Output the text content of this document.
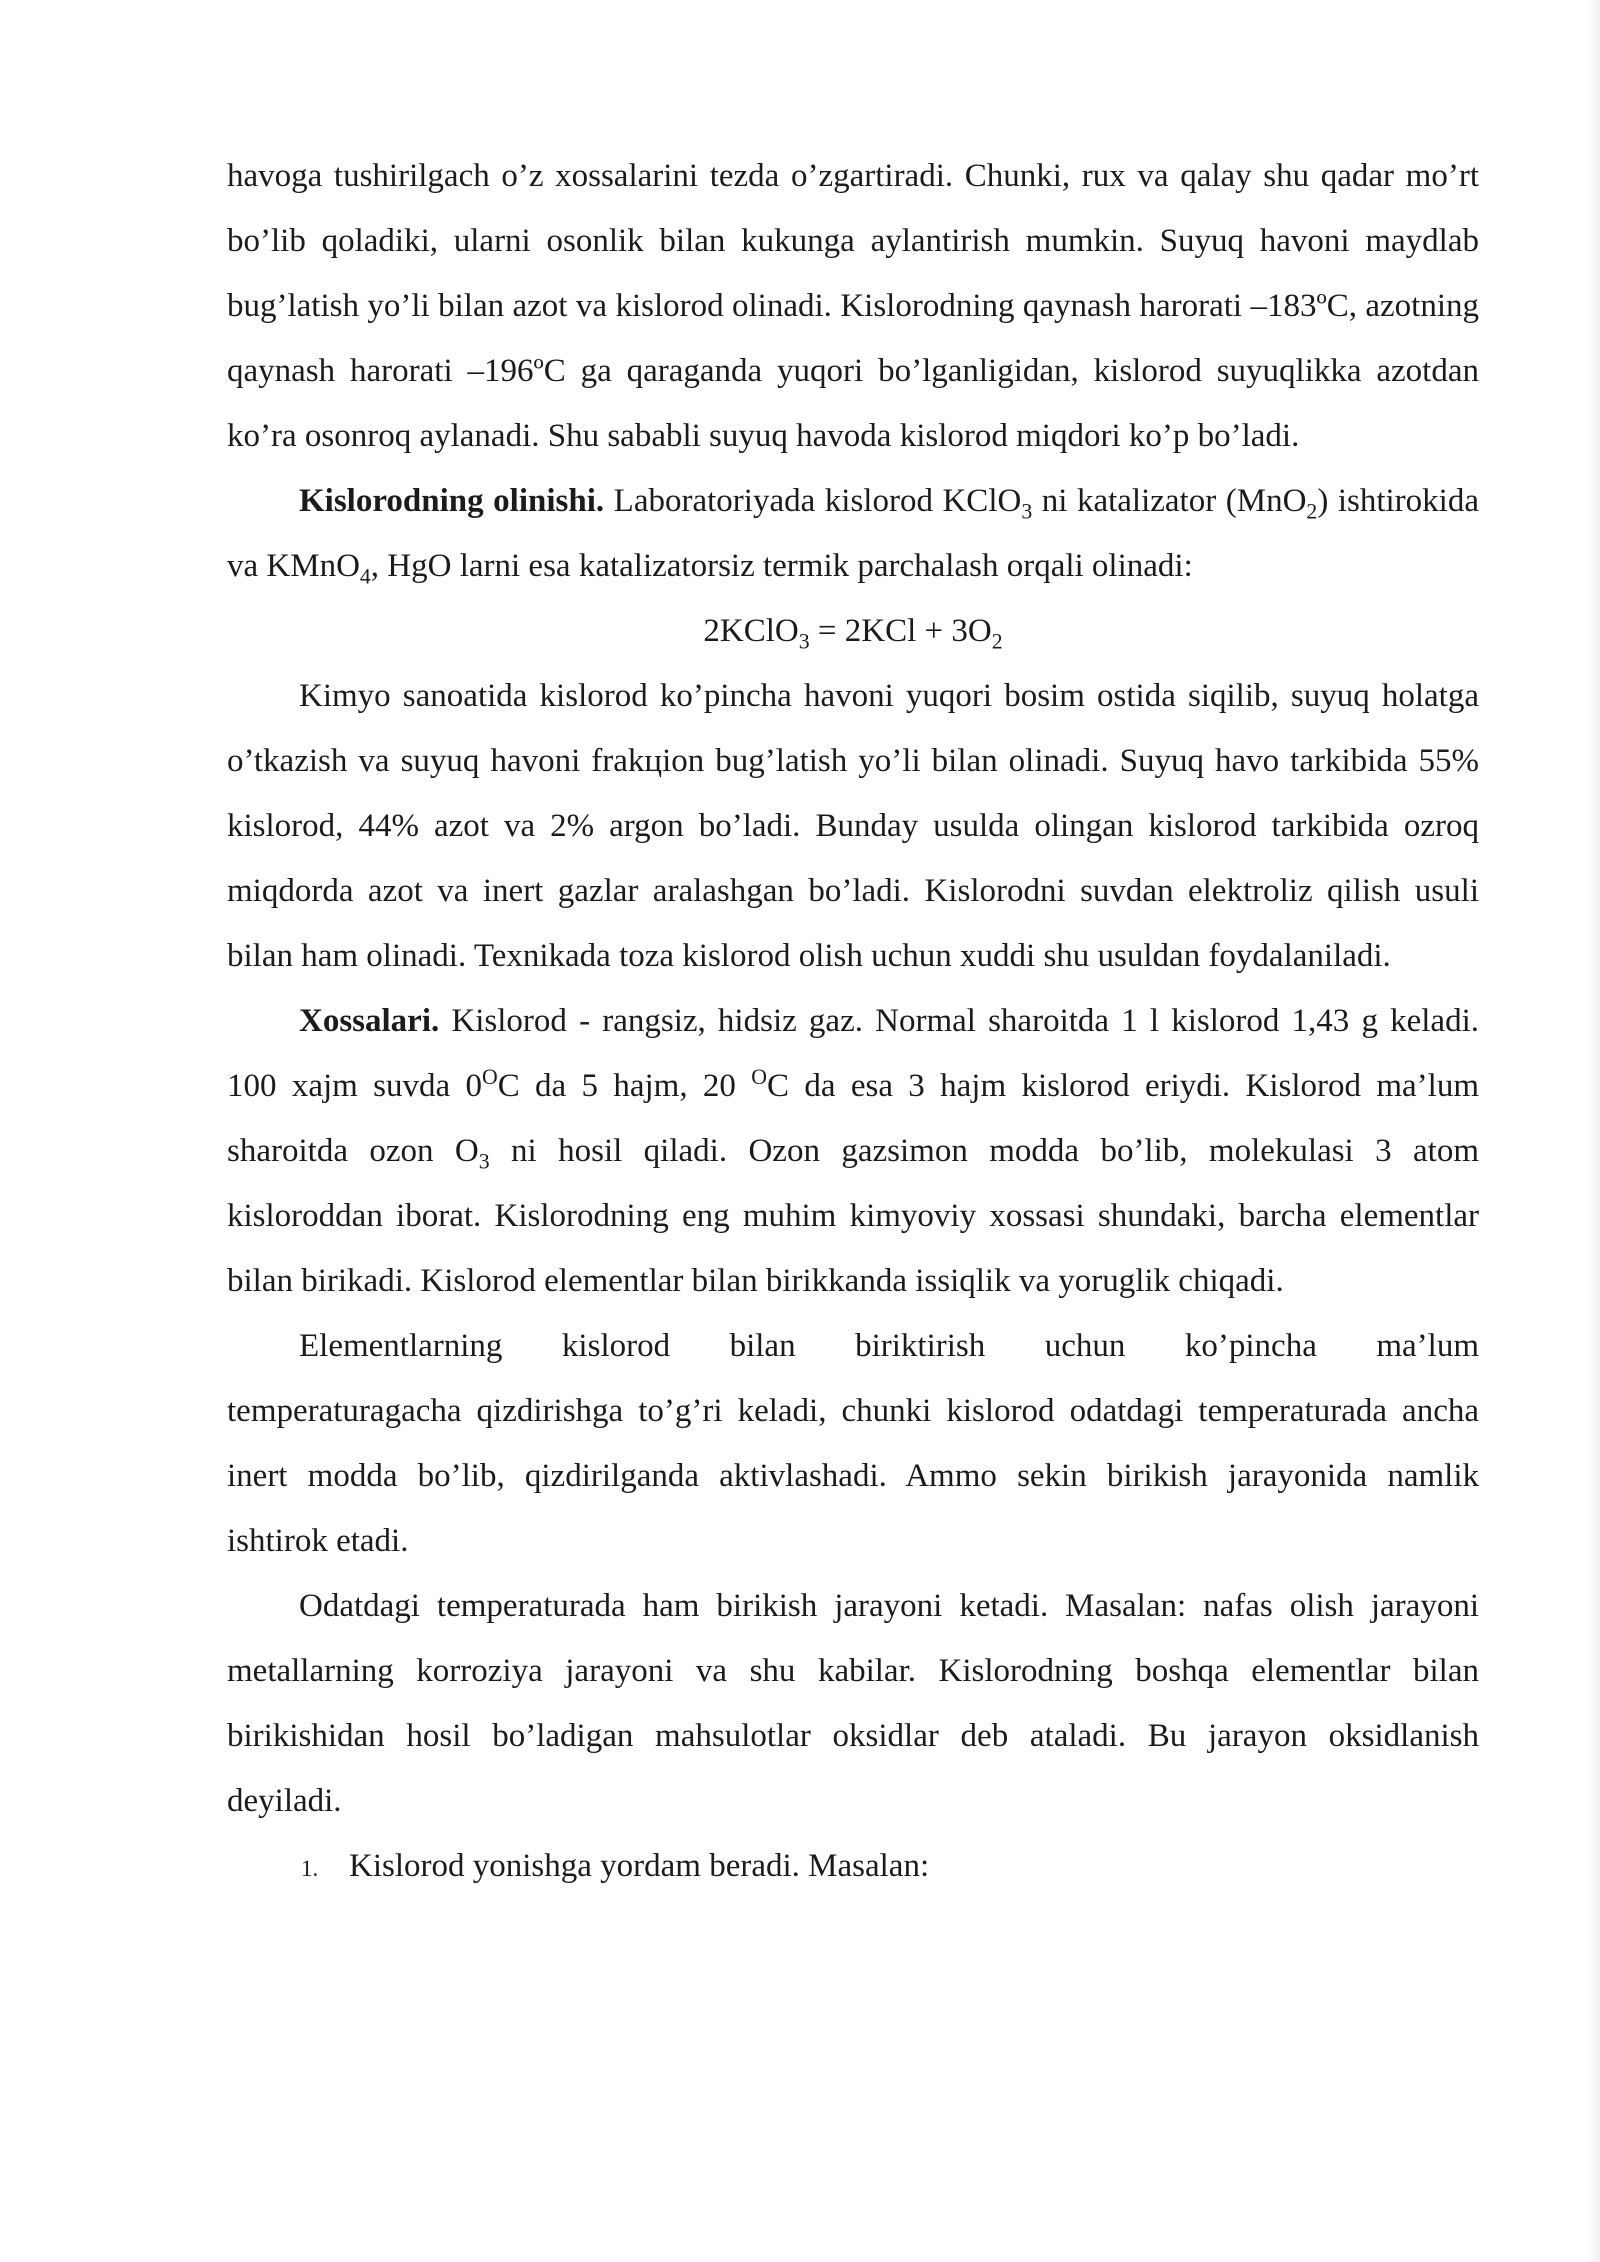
havoga tushirilgach o’z xossalarini tezda o’zgartiradi. Chunki, rux va qalay shu qadar mo’rt bo’lib qoladiki, ularni osonlik bilan kukunga aylantirish mumkin. Suyuq havoni maydlab bug’latish yo’li bilan azot va kislorod olinadi. Kislorodning qaynash harorati –183ºC, azotning qaynash harorati –196ºC ga qaraganda yuqori bo’lganligidan, kislorod suyuqlikka azotdan ko’ra osonroq aylanadi. Shu sababli suyuq havoda kislorod miqdori ko’p bo’ladi.

Kislorodning olinishi. Laboratoriyada kislorod KClO$_3$ ni katalizator (MnO$_2$) ishtirokida va KMnO$_4$, HgO larni esa katalizatorsiz termik parchalash orqali olinadi:

2KClO$_3$ = $2KCl + 3O_2$

Kimyo sanoatida kislorod ko’pincha havoni yuqori bosim ostida siqilib, suyuq holatga o’tkazish va suyuq havoni frakцion bug’latish yo’li bilan olinadi. Suyuq havo tarkibida 55% kislorod, 44% azot va 2% argon bo’ladi. Bunday usulda olingan kislorod tarkibida ozroq miqdorda azot va inert gazlar aralashgan bo’ladi. Kislorodni suvdan elektroliz qilish usuli bilan ham olinadi. Texnikada toza kislorod olish uchun xuddi shu usuldan foydalaniladi.

Xossalari. Kislorod - rangsiz, hidsiz gaz. Normal sharoitda 1 l kislorod 1,43 g keladi. 100 xajm suvda $0^OC$ da 5 hajm, 20 $^O$C da esa 3 hajm kislorod eriydi. Kislorod ma’lum sharoitda ozon $O_3$ ni hosil qiladi. Ozon gazsimon modda bo’lib, molekulasi 3 atom kisloroddan iborat. Kislorodning eng muhim kimyoviy xossasi shundaki, barcha elementlar bilan birikadi. Kislorod elementlar bilan birikkanda issiqlik va yoruglik chiqadi.

Elementlarning kislorod bilan biriktirish uchun ko’pincha ma’lum

temperaturagacha qizdirishga to’g’ri keladi, chunki kislorod odatdagi temperaturada ancha inert modda bo’lib, qizdirilganda aktivlashadi. Ammo sekin birikish jarayonida namlik ishtirok etadi.

Odatdagi temperaturada ham birikish jarayoni ketadi. Masalan: nafas olish jarayoni metallarning korroziya jarayoni va shu kabilar. Kislorodning boshqa elementlar bilan birikishidan hosil bo’ladigan mahsulotlar oksidlar deb ataladi. Bu jarayon oksidlanish deyiladi.

1. Kislorod yonishga yordam beradi. Masalan:
